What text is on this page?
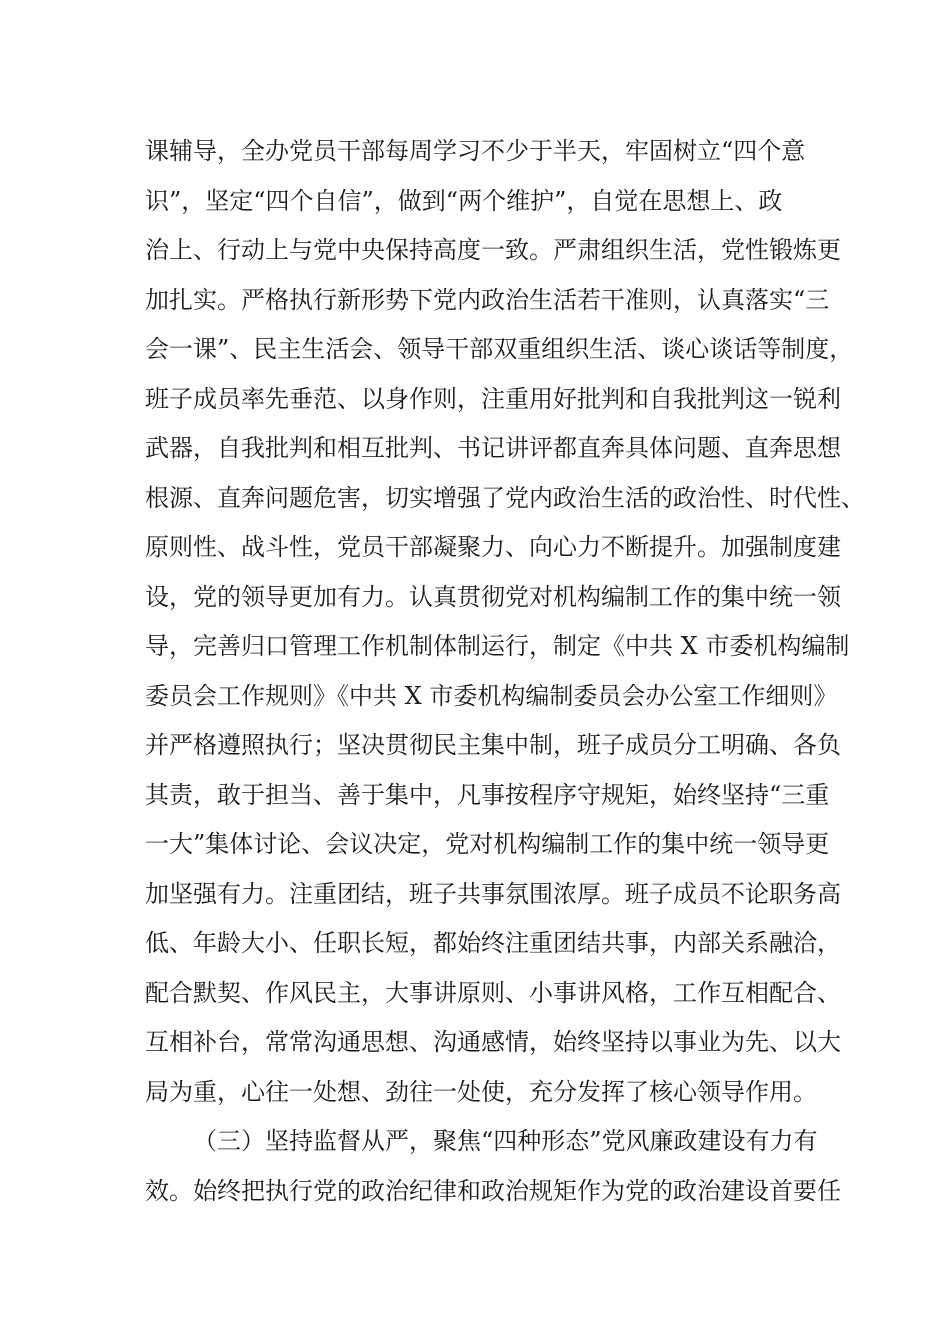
课辅导，全办党员干部每周学习不少于半天，牢固树立“四个意
识”，坚定“四个自信”，做到“两个维护”，自觉在思想上、政
治上、行动上与党中央保持高度一致。严肃组织生活，党性锻炼更
加扎实。严格执行新形势下党内政治生活若干准则，认真落实“三
会一课”、民主生活会、领导干部双重组织生活、谈心谈话等制度，
班子成员率先垂范、以身作则，注重用好批判和自我批判这一锐利
武器，自我批判和相互批判、书记讲评都直奔具体问题、直奔思想
根源、直奔问题危害，切实增强了党内政治生活的政治性、时代性、
原则性、战斗性，党员干部凝聚力、向心力不断提升。加强制度建
设，党的领导更加有力。认真贯彻党对机构编制工作的集中统一领
导，完善归口管理工作机制体制运行，制定《中共 X 市委机构编制
委员会工作规则》《中共 X 市委机构编制委员会办公室工作细则》
并严格遵照执行；坚决贯彻民主集中制，班子成员分工明确、各负
其责，敢于担当、善于集中，凡事按程序守规矩，始终坚持“三重
一大”集体讨论、会议决定，党对机构编制工作的集中统一领导更
加坚强有力。注重团结，班子共事氛围浓厚。班子成员不论职务高
低、年龄大小、任职长短，都始终注重团结共事，内部关系融洽，
配合默契、作风民主，大事讲原则、小事讲风格，工作互相配合、
互相补台，常常沟通思想、沟通感情，始终坚持以事业为先、以大
局为重，心往一处想、劲往一处使，充分发挥了核心领导作用。
（三）坚持监督从严，聚焦“四种形态”党风廉政建设有力有
效。始终把执行党的政治纪律和政治规矩作为党的政治建设首要任
